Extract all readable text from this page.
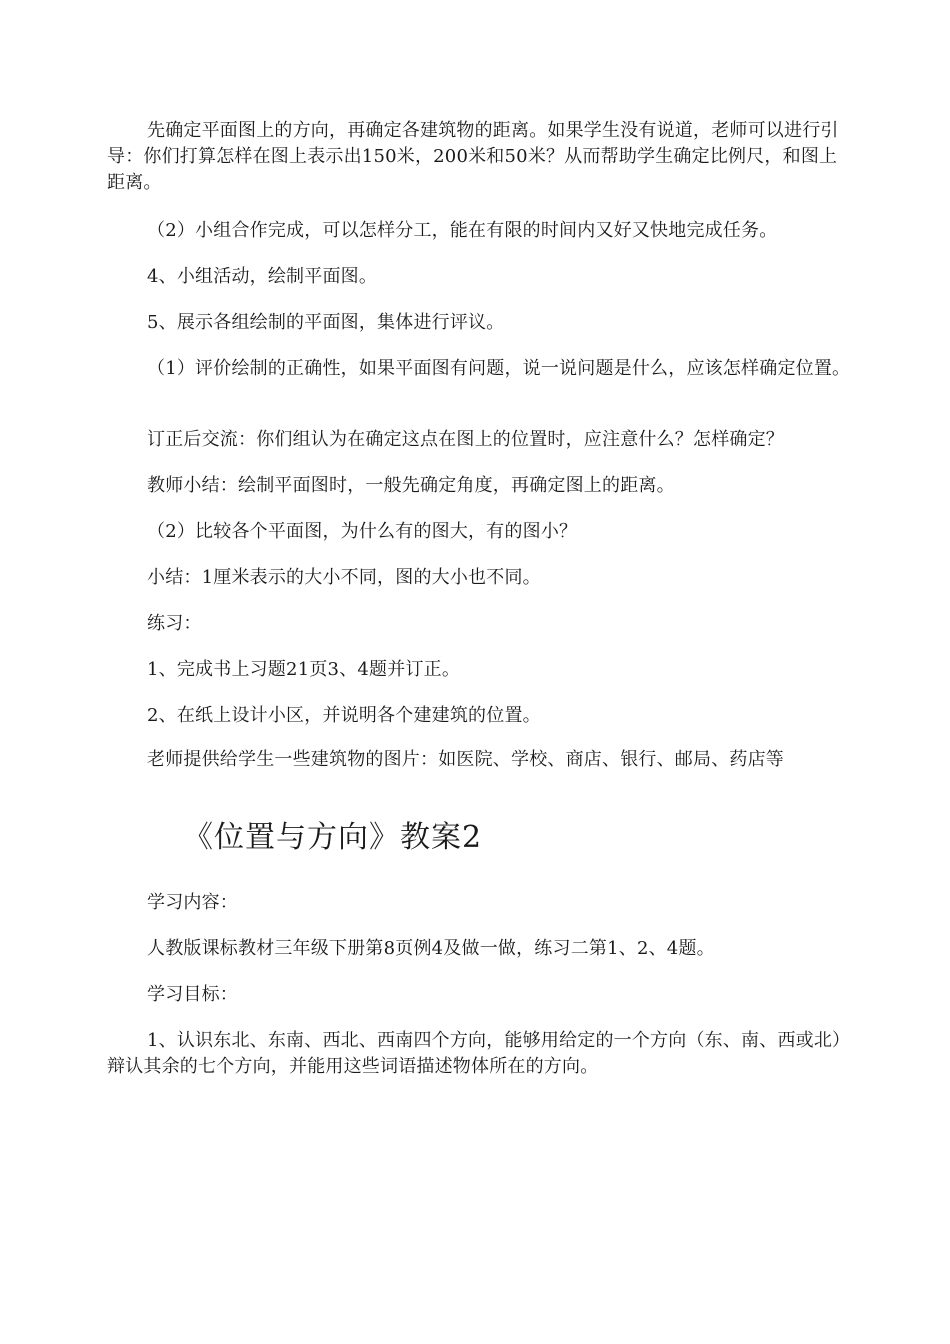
先确定平面图上的方向，再确定各建筑物的距离。如果学生没有说道，老师可以进行引导：你们打算怎样在图上表示出150米，200米和50米？从而帮助学生确定比例尺，和图上距离。
（2）小组合作完成，可以怎样分工，能在有限的时间内又好又快地完成任务。
4、小组活动，绘制平面图。
5、展示各组绘制的平面图，集体进行评议。
（1）评价绘制的正确性，如果平面图有问题，说一说问题是什么，应该怎样确定位置。
订正后交流：你们组认为在确定这点在图上的位置时，应注意什么？怎样确定？
教师小结：绘制平面图时，一般先确定角度，再确定图上的距离。
（2）比较各个平面图，为什么有的图大，有的图小？
小结：1厘米表示的大小不同，图的大小也不同。
练习：
1、完成书上习题21页3、4题并订正。
2、在纸上设计小区，并说明各个建建筑的位置。
老师提供给学生一些建筑物的图片：如医院、学校、商店、银行、邮局、药店等
《位置与方向》教案2
学习内容：
人教版课标教材三年级下册第8页例4及做一做，练习二第1、2、4题。
学习目标：
1、认识东北、东南、西北、西南四个方向，能够用给定的一个方向（东、南、西或北）辩认其余的七个方向，并能用这些词语描述物体所在的方向。
